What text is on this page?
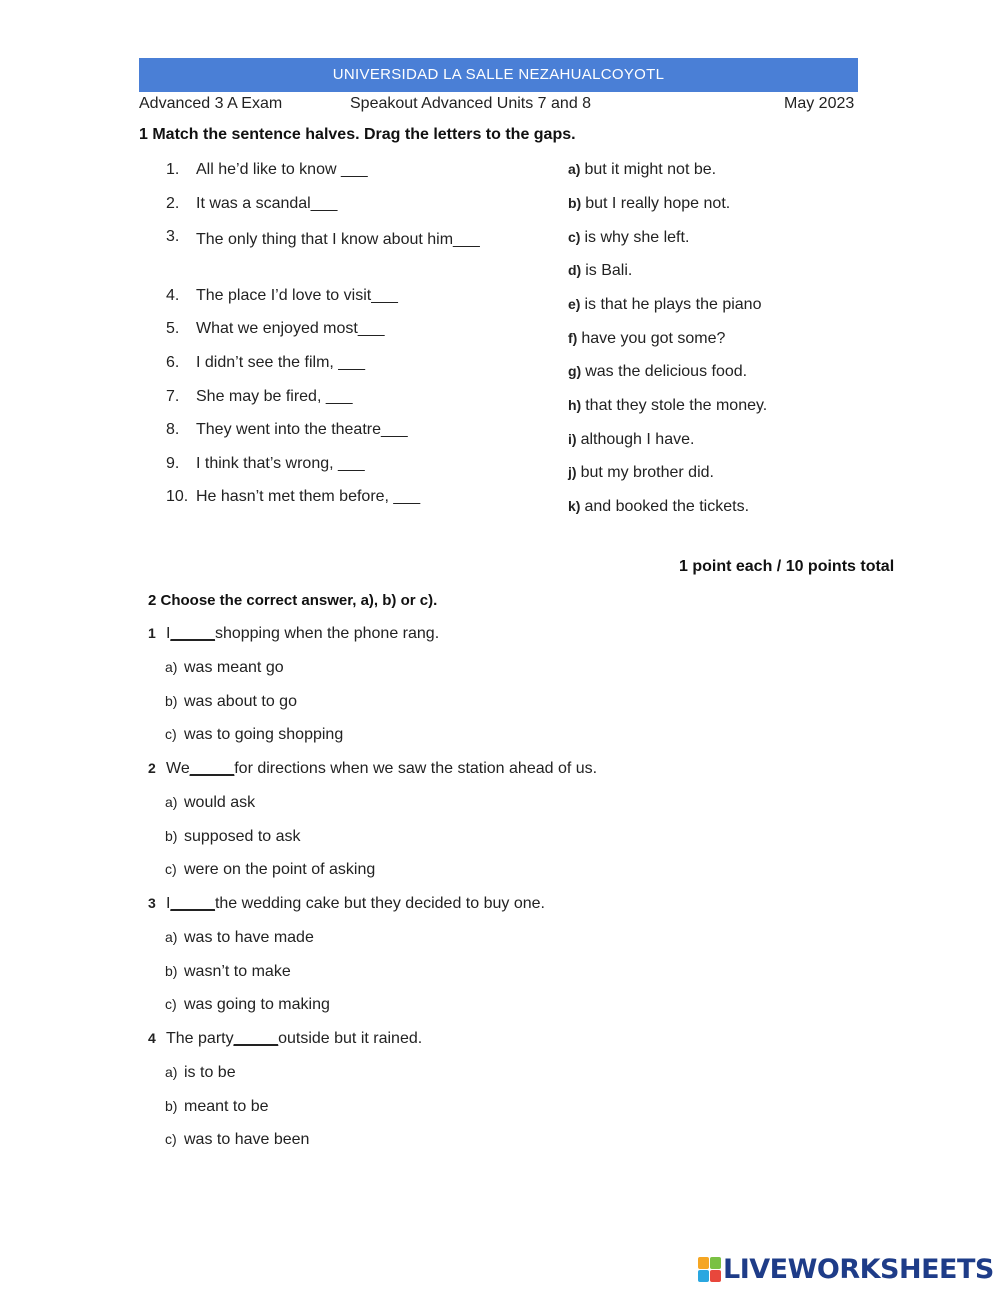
UNIVERSIDAD LA SALLE NEZAHUALCOYOTL
Advanced 3 A Exam	Speakout Advanced Units 7 and 8	May 2023
1 Match the sentence halves. Drag the letters to the gaps.
1. All he’d like to know ___
2. It was a scandal___
3. The only thing that I know about him___
4. The place I’d love to visit___
5. What we enjoyed most___
6. I didn’t see the film, ___
7. She may be fired, ___
8. They went into the theatre___
9. I think that’s wrong, ___
10. He hasn’t met them before, ___
a) but it might not be.
b) but I really hope not.
c) is why she left.
d) is Bali.
e) is that he plays the piano
f) have you got some?
g) was the delicious food.
h) that they stole the money.
i) although I have.
j) but my brother did.
k) and booked the tickets.
1 point each / 10 points total
2 Choose the correct answer, a), b) or c).
1 I_____shopping when the phone rang.
a) was meant go
b) was about to go
c) was to going shopping
2 We_____for directions when we saw the station ahead of us.
a) would ask
b) supposed to ask
c) were on the point of asking
3 I_____the wedding cake but they decided to buy one.
a) was to have made
b) wasn’t to make
c) was going to making
4 The party_____outside but it rained.
a) is to be
b) meant to be
c) was to have been
LIVEWORKSHEETS
